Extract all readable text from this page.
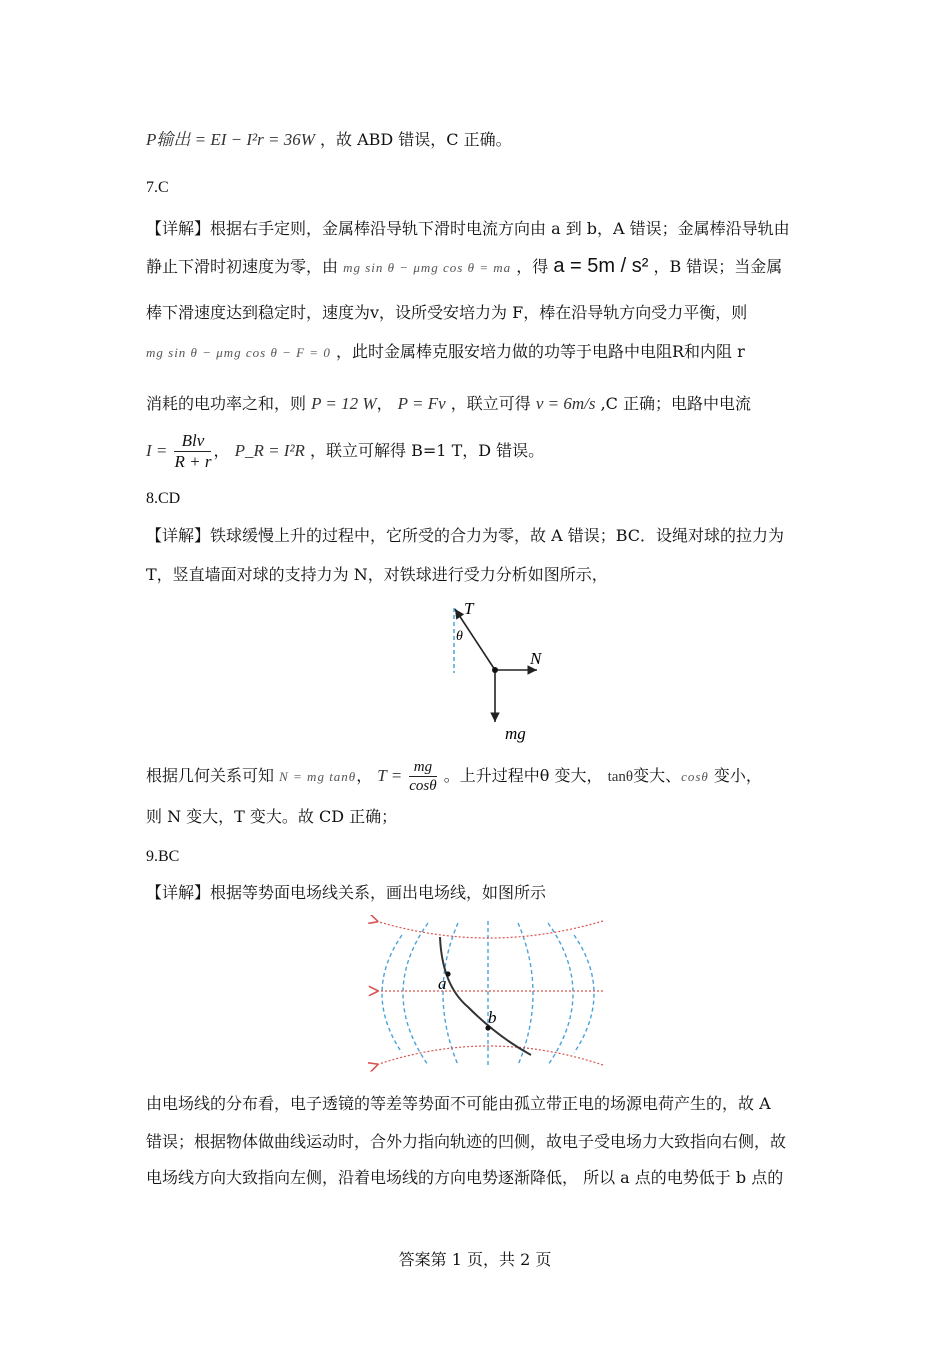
P输出 = EI − I²r = 36W ，故 ABD 错误，C 正确。
7.C
【详解】根据右手定则，金属棒沿导轨下滑时电流方向由 a 到 b，A 错误；金属棒沿导轨由
静止下滑时初速度为零，由 mg sin θ − μmg cos θ = ma ，得 a = 5m / s² ，B 错误；当金属
棒下滑速度达到稳定时，速度为v，设所受安培力为 F，棒在沿导轨方向受力平衡，则
mg sin θ − μmg cos θ − F = 0 ，此时金属棒克服安培力做的功等于电路中电阻R和内阻 r
消耗的电功率之和，则 P = 12 W， P = Fv ，联立可得 v = 6m/s ,C 正确；电路中电流
$I = \frac{\text{Blv}}{R + r}$ ， P_R = I²R ，联立可解得 B=1 T，D 错误。
8.CD
【详解】铁球缓慢上升的过程中，它所受的合力为零，故 A 错误；BC．设绳对球的拉力为
T，竖直墙面对球的支持力为 N，对铁球进行受力分析如图所示，
T
θ
N
mg
根据几何关系可知 N = mg tanθ， $T = \frac{mg}{\cos\theta}$ 。上升过程中θ 变大， tanθ变大、cosθ 变小，
则 N 变大，T 变大。故 CD 正确；
9.BC
【详解】根据等势面电场线关系，画出电场线，如图所示
a
b
由电场线的分布看，电子透镜的等差等势面不可能由孤立带正电的场源电荷产生的，故 A
错误；根据物体做曲线运动时，合外力指向轨迹的凹侧，故电子受电场力大致指向右侧，故
电场线方向大致指向左侧，沿着电场线的方向电势逐渐降低， 所以 a 点的电势低于 b 点的
答案第 1 页，共 2 页
